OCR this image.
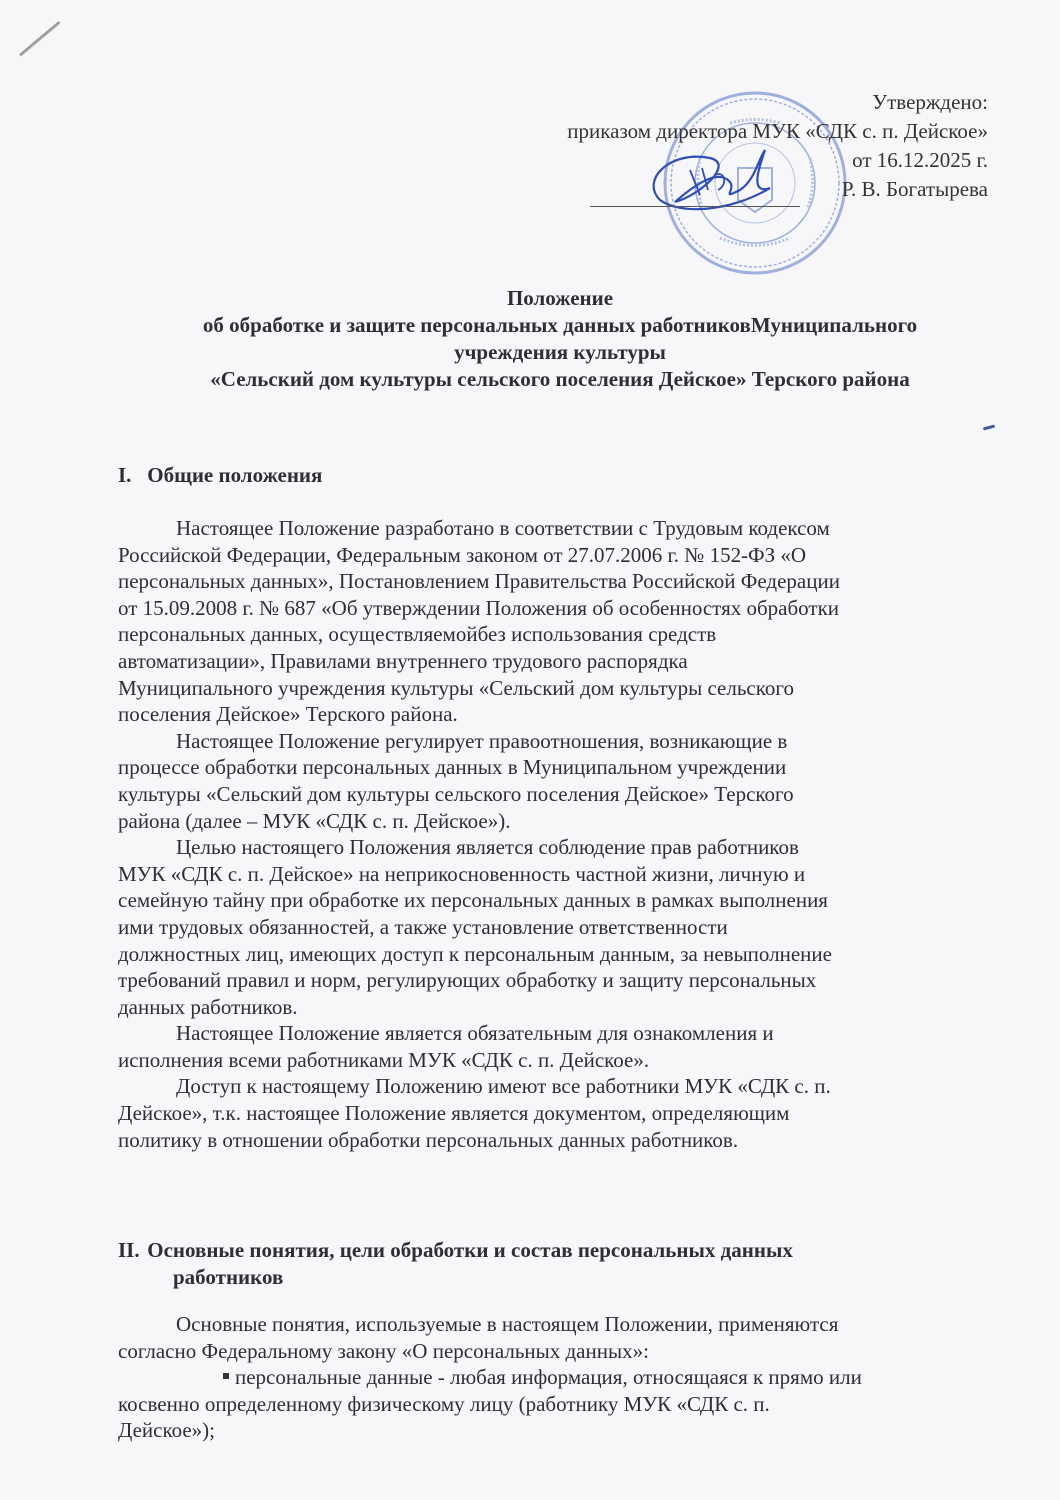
Утверждено:
приказом директора МУК «СДК с. п. Дейское»
от 16.12.2025 г.
Р. В. Богатырева
Положение
об обработке и защите персональных данных работниковМуниципального
учреждения культуры
«Сельский дом культуры сельского поселения Дейское» Терского района
I. Общие положения
Настоящее Положение разработано в соответствии с Трудовым кодексом
Российской Федерации, Федеральным законом от 27.07.2006 г. № 152-ФЗ «О
персональных данных», Постановлением Правительства Российской Федерации
от 15.09.2008 г. № 687 «Об утверждении Положения об особенностях обработки
персональных данных, осуществляемойбез использования средств
автоматизации», Правилами внутреннего трудового распорядка
Муниципального учреждения культуры «Сельский дом культуры сельского
поселения Дейское» Терского района.
Настоящее Положение регулирует правоотношения, возникающие в
процессе обработки персональных данных в Муниципальном учреждении
культуры «Сельский дом культуры сельского поселения Дейское» Терского
района (далее – МУК «СДК с. п. Дейское»).
Целью настоящего Положения является соблюдение прав работников
МУК «СДК с. п. Дейское» на неприкосновенность частной жизни, личную и
семейную тайну при обработке их персональных данных в рамках выполнения
ими трудовых обязанностей, а также установление ответственности
должностных лиц, имеющих доступ к персональным данным, за невыполнение
требований правил и норм, регулирующих обработку и защиту персональных
данных работников.
Настоящее Положение является обязательным для ознакомления и
исполнения всеми работниками МУК «СДК с. п. Дейское».
Доступ к настоящему Положению имеют все работники МУК «СДК с. п.
Дейское», т.к. настоящее Положение является документом, определяющим
политику в отношении обработки персональных данных работников.
II. Основные понятия, цели обработки и состав персональных данных
работников
Основные понятия, используемые в настоящем Положении, применяются
согласно Федеральному закону «О персональных данных»:
персональные данные - любая информация, относящаяся к прямо или
косвенно определенному физическому лицу (работнику МУК «СДК с. п.
Дейское»);
